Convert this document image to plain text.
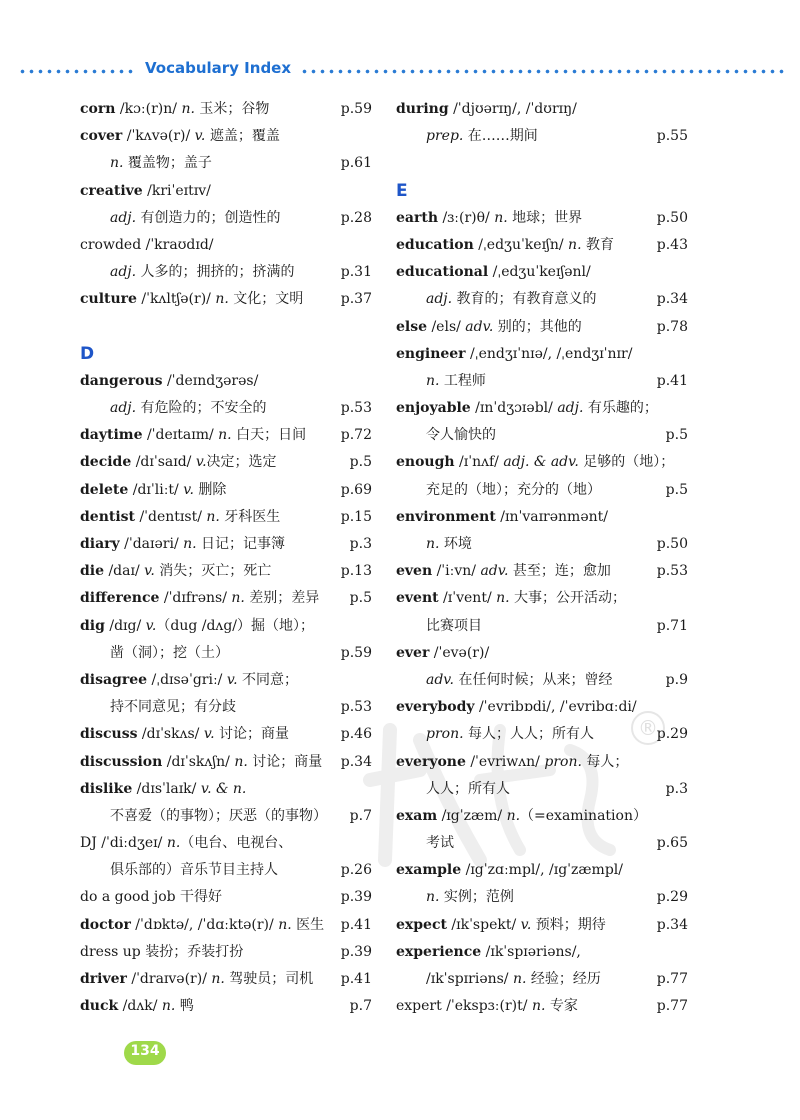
Vocabulary Index
®
corn /kɔː(r)n/ n. 玉米；谷物	p.59
cover /ˈkʌvə(r)/ v. 遮盖；覆盖
n. 覆盖物；盖子	p.61
creative /kriˈeɪtɪv/
adj. 有创造力的；创造性的	p.28
crowded /ˈkraʊdɪd/
adj. 人多的；拥挤的；挤满的	p.31
culture /ˈkʌltʃə(r)/ n. 文化；文明	p.37
D
dangerous /ˈdeɪndʒərəs/
adj. 有危险的；不安全的	p.53
daytime /ˈdeɪtaɪm/ n. 白天；日间 p.72
decide /dɪˈsaɪd/ v.决定；选定	p.5
delete /dɪˈliːt/ v. 删除	p.69
dentist /ˈdentɪst/ n. 牙科医生	p.15
diary /ˈdaɪəri/ n. 日记；记事簿	p.3
die /daɪ/ v. 消失；灭亡；死亡	p.13
difference /ˈdɪfrəns/ n. 差别；差异 p.5
dig /dɪg/ v.（dug /dʌg/）掘（地）；
凿（洞）；挖（土）	p.59
disagree /ˌdɪsəˈgriː/ v. 不同意；
持不同意见；有分歧	p.53
discuss /dɪˈskʌs/ v. 讨论；商量	p.46
discussion /dɪˈskʌʃn/ n. 讨论；商量 p.34
dislike /dɪsˈlaɪk/ v. & n.
不喜爱（的事物）；厌恶（的事物） p.7
DJ /ˈdiːdʒeɪ/ n.（电台、电视台、
俱乐部的）音乐节目主持人	p.26
do a good job 干得好	p.39
doctor /ˈdɒktə/, /ˈdɑːktə(r)/ n. 医生 p.41
dress up 装扮；乔装打扮	p.39
driver /ˈdraɪvə(r)/ n. 驾驶员；司机 p.41
duck /dʌk/ n. 鸭	p.7
during /ˈdjʊərɪŋ/, /ˈdʊrɪŋ/
prep. 在……期间	p.55
E
earth /ɜː(r)θ/ n. 地球；世界	p.50
education /ˌedʒuˈkeɪʃn/ n. 教育	p.43
educational /ˌedʒuˈkeɪʃənl/
adj. 教育的；有教育意义的	p.34
else /els/ adv. 别的；其他的	p.78
engineer /ˌendʒɪˈnɪə/, /ˌendʒɪˈnɪr/
n. 工程师	p.41
enjoyable /ɪnˈdʒɔɪəbl/ adj. 有乐趣的；
令人愉快的	p.5
enough /ɪˈnʌf/ adj. & adv. 足够的（地）；
充足的（地）；充分的（地）	p.5
environment /ɪnˈvaɪrənmənt/
n. 环境	p.50
even /ˈiːvn/ adv. 甚至；连；愈加	p.53
event /ɪˈvent/ n. 大事；公开活动；
比赛项目	p.71
ever /ˈevə(r)/
adv. 在任何时候；从来；曾经	p.9
everybody /ˈevribɒdi/, /ˈevribɑːdi/
pron. 每人；人人；所有人	p.29
everyone /ˈevriwʌn/ pron. 每人；
人人；所有人	p.3
exam /ɪgˈzæm/ n.（=examination）
考试	p.65
example /ɪgˈzɑːmpl/, /ɪgˈzæmpl/
n. 实例；范例	p.29
expect /ɪkˈspekt/ v. 预料；期待	p.34
experience /ɪkˈspɪəriəns/,
/ɪkˈspɪriəns/ n. 经验；经历	p.77
expert /ˈekspɜː(r)t/ n. 专家	p.77
134
